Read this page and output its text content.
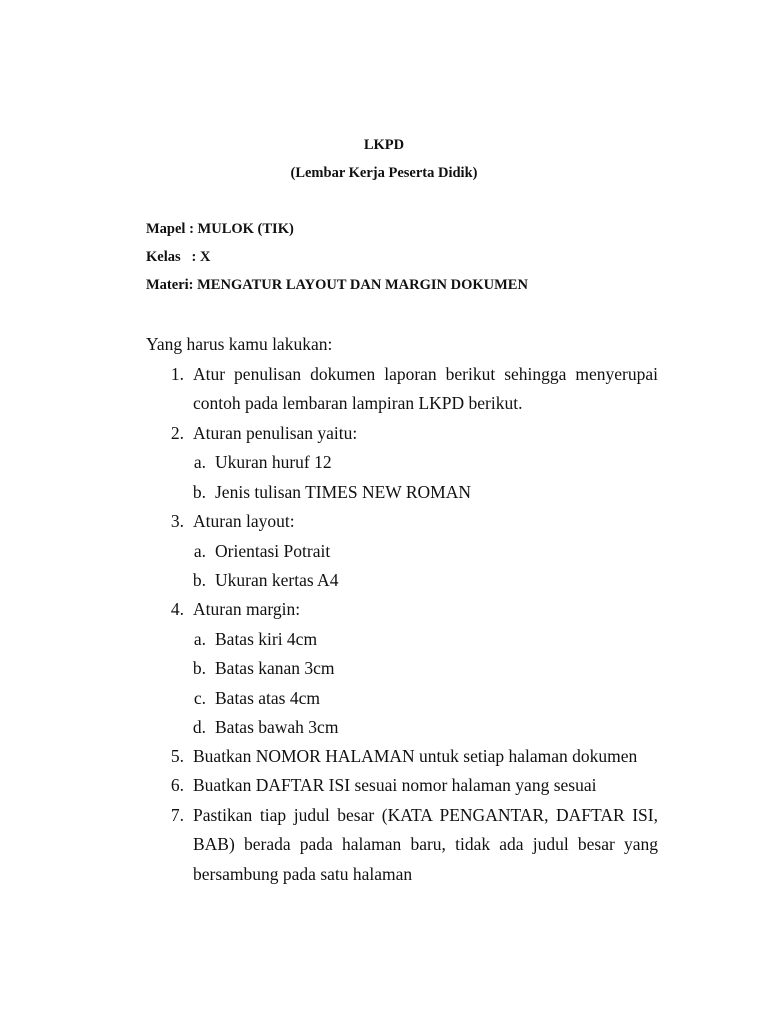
LKPD
(Lembar Kerja Peserta Didik)
Mapel : MULOK (TIK)
Kelas   : X
Materi: MENGATUR LAYOUT DAN MARGIN DOKUMEN
Yang harus kamu lakukan:
1. Atur penulisan dokumen laporan berikut sehingga menyerupai contoh pada lembaran lampiran LKPD berikut.
2. Aturan penulisan yaitu:
a. Ukuran huruf 12
b. Jenis tulisan TIMES NEW ROMAN
3. Aturan layout:
a. Orientasi Potrait
b. Ukuran kertas A4
4. Aturan margin:
a. Batas kiri 4cm
b. Batas kanan 3cm
c. Batas atas 4cm
d. Batas bawah 3cm
5. Buatkan NOMOR HALAMAN untuk setiap halaman dokumen
6. Buatkan DAFTAR ISI sesuai nomor halaman yang sesuai
7. Pastikan tiap judul besar (KATA PENGANTAR, DAFTAR ISI, BAB) berada pada halaman baru, tidak ada judul besar yang bersambung pada satu halaman
